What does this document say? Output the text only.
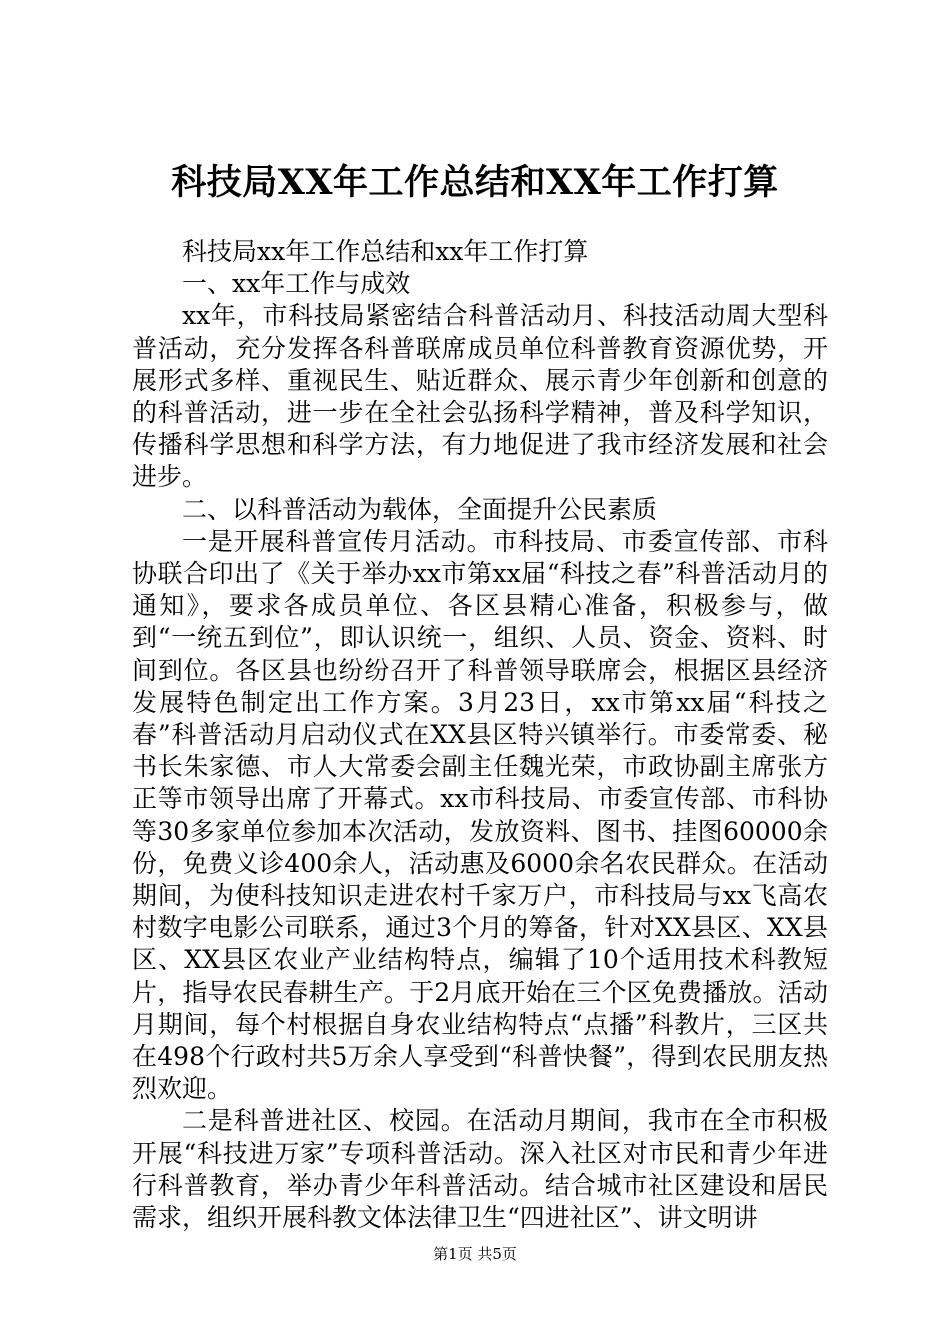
科技局XX年工作总结和XX年工作打算

科技局xx年工作总结和xx年工作打算

一、xx年工作与成效

xx年，市科技局紧密结合科普活动月、科技活动周大型科普活动，充分发挥各科普联席成员单位科普教育资源优势，开展形式多样、重视民生、贴近群众、展示青少年创新和创意的的科普活动，进一步在全社会弘扬科学精神，普及科学知识，传播科学思想和科学方法，有力地促进了我市经济发展和社会进步。

二、以科普活动为载体，全面提升公民素质

一是开展科普宣传月活动。市科技局、市委宣传部、市科协联合印出了《关于举办xx市第xx届“科技之春”科普活动月的通知》，要求各成员单位、各区县精心准备，积极参与，做到“一统五到位”，即认识统一，组织、人员、资金、资料、时间到位。各区县也纷纷召开了科普领导联席会，根据区县经济发展特色制定出工作方案。3月23日，xx市第xx届“科技之春”科普活动月启动仪式在XX县区特兴镇举行。市委常委、秘书长朱家德、市人大常委会副主任魏光荣，市政协副主席张方正等市领导出席了开幕式。xx市科技局、市委宣传部、市科协等30多家单位参加本次活动，发放资料、图书、挂图60000余份，免费义诊400余人，活动惠及6000余名农民群众。在活动期间，为使科技知识走进农村千家万户，市科技局与xx飞高农村数字电影公司联系，通过3个月的筹备，针对XX县区、XX县区、XX县区农业产业结构特点，编辑了10个适用技术科教短片，指导农民春耕生产。于2月底开始在三个区免费播放。活动月期间，每个村根据自身农业结构特点“点播”科教片，三区共在498个行政村共5万余人享受到“科普快餐”，得到农民朋友热烈欢迎。

二是科普进社区、校园。在活动月期间，我市在全市积极开展“科技进万家”专项科普活动。深入社区对市民和青少年进行科普教育，举办青少年科普活动。结合城市社区建设和居民需求，组织开展科教文体法律卫生“四进社区”、讲文明讲

第1页 共5页
